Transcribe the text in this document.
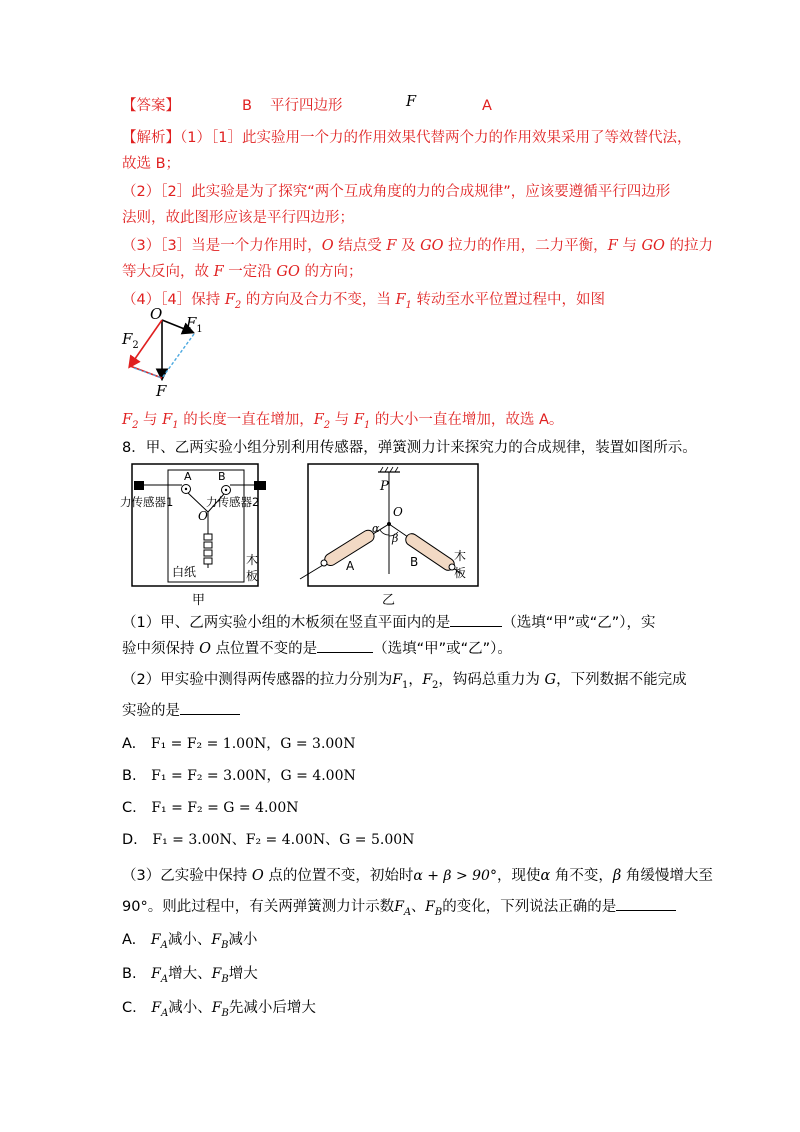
【答案】	B 平行四边形	F	A
【解析】（1）［1］此实验用一个力的作用效果代替两个力的作用效果采用了等效替代法，
故选 B；
（2）［2］此实验是为了探究“两个互成角度的力的合成规律”，应该要遵循平行四边形
法则，故此图形应该是平行四边形；
（3）［3］当是一个力作用时，O 结点受 F 及 GO 拉力的作用，二力平衡，F 与 GO 的拉力
等大反向，故 F 一定沿 GO 的方向；
（4）［4］保持 $F_2$ 的方向及合力不变，当 $F_1$ 转动至水平位置过程中，如图
O $F_1$
$F_2$
F
$F_2$ 与 $F_1$ 的长度一直在增加，$F_2$ 与 $F_1$ 的大小一直在增加，故选 A。
8．甲、乙两实验小组分别利用传感器，弹簧测力计来探究力的合成规律，装置如图所示。
A B
力传感器1	力传感器2
O
白纸
木
板
甲
P
O
α
β
A	B	木
板
乙
（1）甲、乙两实验小组的木板须在竖直平面内的是	（选填“甲”或“乙”），实
验中须保持 O 点位置不变的是	（选填“甲”或“乙”）。
（2）甲实验中测得两传感器的拉力分别为$F_1$，$F_2$，钩码总重力为 G，下列数据不能完成
实验的是
A. F₁ = F₂ = 1.00N，G = 3.00N
B. F₁ = F₂ = 3.00N，G = 4.00N
C. F₁ = F₂ = G = 4.00N
D. F₁ = 3.00N、F₂ = 4.00N、G = 5.00N
（3）乙实验中保持 O 点的位置不变，初始时α + β > 90°，现使α 角不变，β 角缓慢增大至
90°。则此过程中，有关两弹簧测力计示数$F_A$、$F_B$的变化，下列说法正确的是
A. $F_A$减小、$F_B$减小
B. $F_A$增大、$F_B$增大
C. $F_A$减小、$F_B$先减小后增大
